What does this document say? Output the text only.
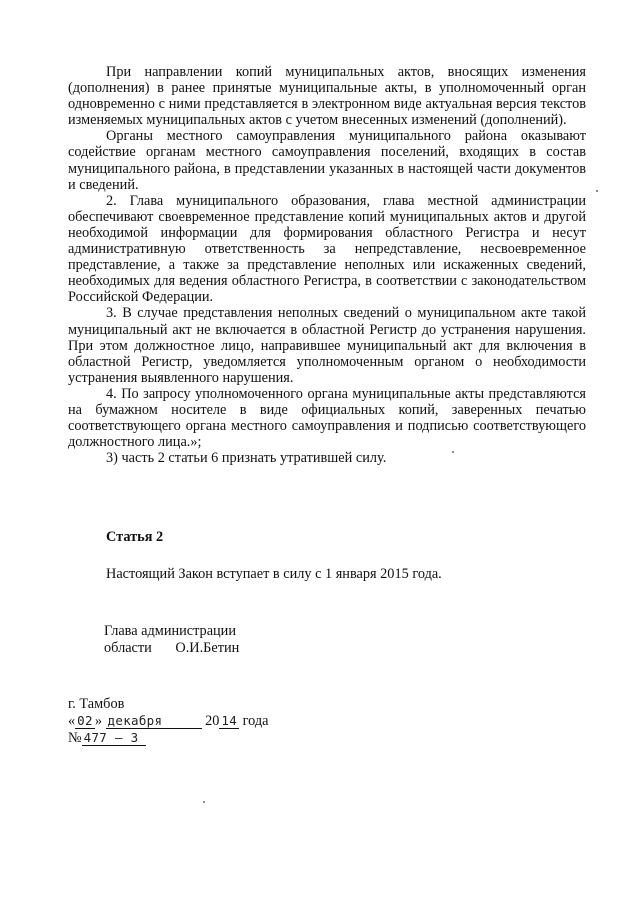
При направлении копий муниципальных актов, вносящих изменения (дополнения) в ранее принятые муниципальные акты, в уполномоченный орган одновременно с ними представляется в электронном виде актуальная версия текстов изменяемых муниципальных актов с учетом внесенных изменений (дополнений).

Органы местного самоуправления муниципального района оказывают содействие органам местного самоуправления поселений, входящих в состав муниципального района, в представлении указанных в настоящей части документов и сведений.

2. Глава муниципального образования, глава местной администрации обеспечивают своевременное представление копий муниципальных актов и другой необходимой информации для формирования областного Регистра и несут административную ответственность за непредставление, несвоевременное представление, а также за представление неполных или искаженных сведений, необходимых для ведения областного Регистра, в соответствии с законодательством Российской Федерации.

3. В случае представления неполных сведений о муниципальном акте такой муниципальный акт не включается в областной Регистр до устранения нарушения. При этом должностное лицо, направившее муниципальный акт для включения в областной Регистр, уведомляется уполномоченным органом о необходимости устранения выявленного нарушения.

4. По запросу уполномоченного органа муниципальные акты представляются на бумажном носителе в виде официальных копий, заверенных печатью соответствующего органа местного самоуправления и подписью соответствующего должностного лица.»;

3) часть 2 статьи 6 признать утратившей силу.

Статья 2

Настоящий Закон вступает в силу с 1 января 2015 года.

Глава администрации
области О.И.Бетин
г. Тамбов
« 02 » декабря	20 14 года
№ 477 – 3
